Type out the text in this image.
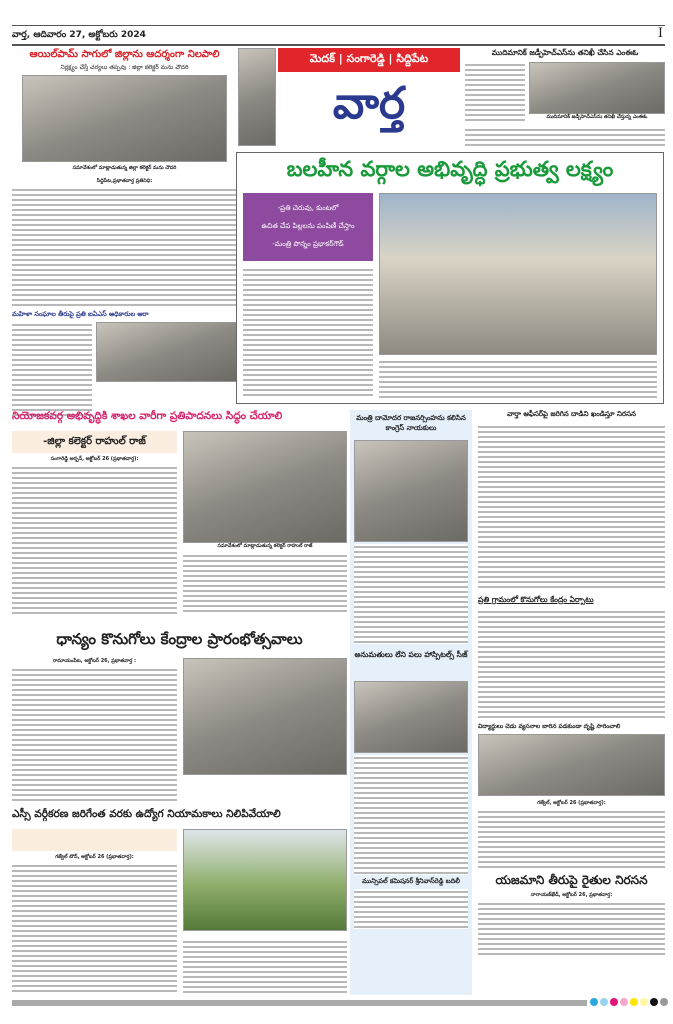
వార్త, ఆదివారం 27, అక్టోబరు 2024	I
ఆయిల్‌పామ్ సాగులో జిల్లాను ఆదర్శంగా నిలపాలి
నిర్లక్ష్యం చేస్తే చర్యలు తప్పవు : జిల్లా కలెక్టర్ మను చౌదరి
సమావేశంలో మాట్లాడుతున్న జిల్లా కలెక్టర్ మను చౌదరి
సిద్దిపేట,ప్రభాతవార్త ప్రతినిధి:
మహిళా సంఘాల తీరుపై ప్రతి ఐఏఎస్ అధికారుల ఆరా
మెదక్ | సంగారెడ్డి | సిద్దిపేట
వార్త
ముదిమానిక్ జడ్పీహెచ్‌ఎస్‌ను తనిఖీ చేసిన ఎంఈఓ
ముదిమానిక్ జడ్పీహెచ్‌ఎస్‌ను తనిఖీ చేస్తున్న ఎంఈఓ
బలహీన వర్గాల అభివృద్ధి ప్రభుత్వ లక్ష్యం
-ప్రతి చెరువు, కుంటలో
ఉచిత చేప పిల్లలను పంపిణీ చేస్తాం
-మంత్రి పొన్నం ప్రభాకర్‌గౌడ్
నియోజకవర్గ అభివృద్ధికి శాఖల వారీగా ప్రతిపాదనలు సిద్ధం చేయాలి
-జిల్లా కలెక్టర్ రాహుల్ రాజ్
సంగారెడ్డి అర్బన్, అక్టోబర్ 26 (ప్రభాతవార్త):
సమావేశంలో మాట్లాడుతున్న కలెక్టర్ రాహుల్ రాజ్
మంత్రి దామోదర రాజనర్సింహను కలిసిన కాంగ్రెస్ నాయకులు
అనుమతులు లేని పలు హాస్పిటల్స్ సీజ్
మున్సిపల్ కమిషనర్ శ్రీనివాస్‌రెడ్డి బదిలీ
వార్తా ఆఫీసర్‌పై జరిగిన దాడిని ఖండిస్తూ నిరసన
ప్రతి గ్రామంలో కొనుగోలు కేంద్రం ఏర్పాటు
విద్యార్థులు చెడు వ్యసనాల బారిన పడకుండా దృష్టి సారించాలి
గజ్వేల్, అక్టోబర్ 26 (ప్రభాతవార్త):
యజమాని తీరుపై రైతుల నిరసన
నారాయణ్‌ఖేడ్, అక్టోబర్ 26, ప్రభాతవార్త:
ధాన్యం కొనుగోలు కేంద్రాల ప్రారంభోత్సవాలు
రామాయంపేట, అక్టోబర్ 26, ప్రభాతవార్త :
ఎస్సీ వర్గీకరణ జరిగేంత వరకు ఉద్యోగ నియామకాలు నిలిపివేయాలి
గజ్వేల్ టౌన్, అక్టోబర్ 26 (ప్రభాతవార్త):
